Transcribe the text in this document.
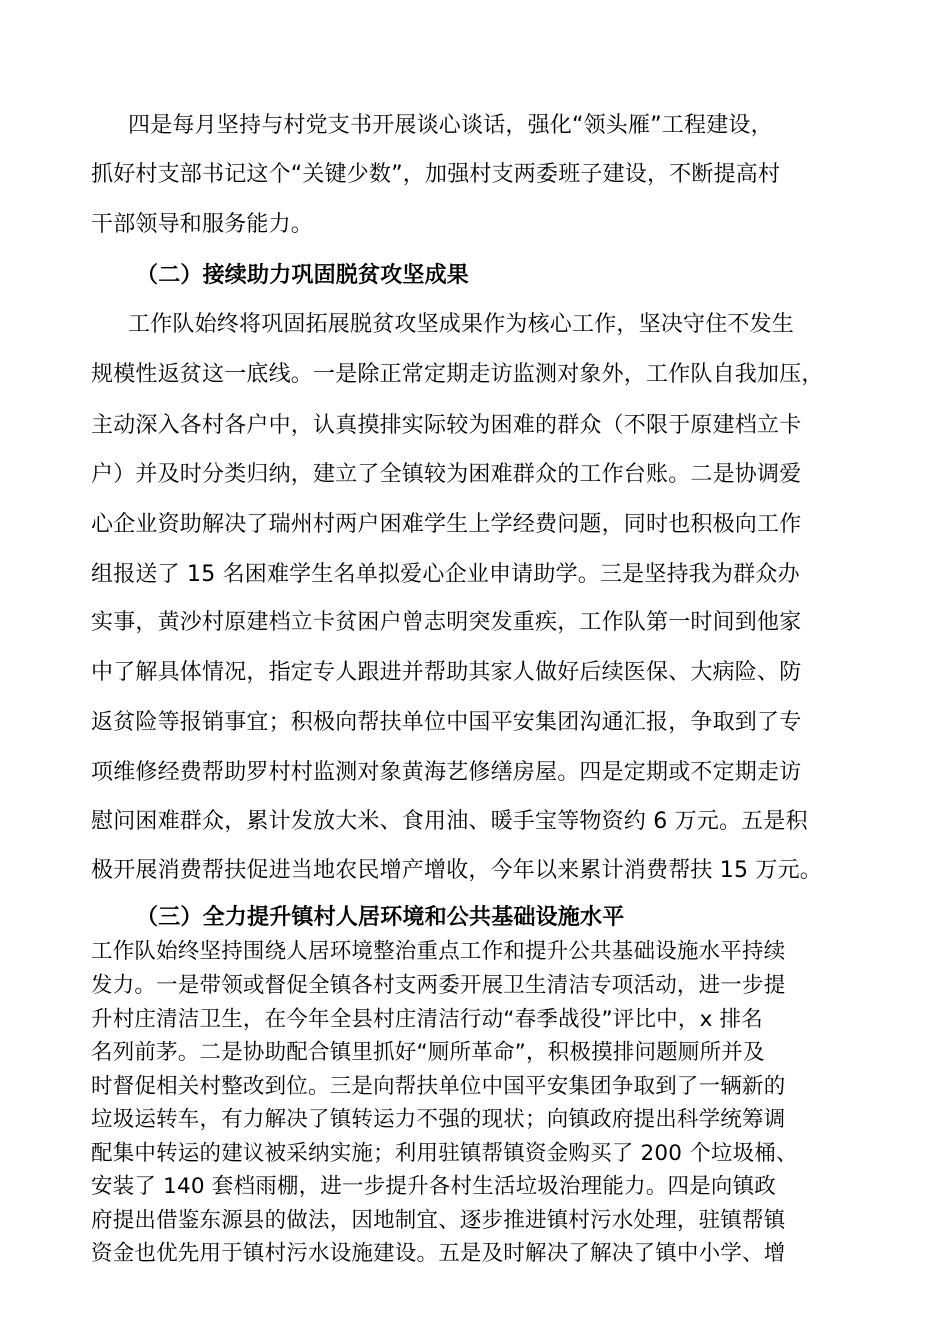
四是每月坚持与村党支书开展谈心谈话，强化“领头雁”工程建设，
抓好村支部书记这个“关键少数”，加强村支两委班子建设，不断提高村
干部领导和服务能力。
（二）接续助力巩固脱贫攻坚成果
工作队始终将巩固拓展脱贫攻坚成果作为核心工作，坚决守住不发生
规模性返贫这一底线。一是除正常定期走访监测对象外，工作队自我加压，
主动深入各村各户中，认真摸排实际较为困难的群众（不限于原建档立卡
户）并及时分类归纳，建立了全镇较为困难群众的工作台账。二是协调爱
心企业资助解决了瑞州村两户困难学生上学经费问题，同时也积极向工作
组报送了 15 名困难学生名单拟爱心企业申请助学。三是坚持我为群众办
实事，黄沙村原建档立卡贫困户曾志明突发重疾，工作队第一时间到他家
中了解具体情况，指定专人跟进并帮助其家人做好后续医保、大病险、防
返贫险等报销事宜；积极向帮扶单位中国平安集团沟通汇报，争取到了专
项维修经费帮助罗村村监测对象黄海艺修缮房屋。四是定期或不定期走访
慰问困难群众，累计发放大米、食用油、暖手宝等物资约 6 万元。五是积
极开展消费帮扶促进当地农民增产增收，今年以来累计消费帮扶 15 万元。
（三）全力提升镇村人居环境和公共基础设施水平
工作队始终坚持围绕人居环境整治重点工作和提升公共基础设施水平持续
发力。一是带领或督促全镇各村支两委开展卫生清洁专项活动，进一步提
升村庄清洁卫生，在今年全县村庄清洁行动“春季战役”评比中，x 排名
名列前茅。二是协助配合镇里抓好“厕所革命”，积极摸排问题厕所并及
时督促相关村整改到位。三是向帮扶单位中国平安集团争取到了一辆新的
垃圾运转车，有力解决了镇转运力不强的现状；向镇政府提出科学统筹调
配集中转运的建议被采纳实施；利用驻镇帮镇资金购买了 200 个垃圾桶、
安装了 140 套档雨棚，进一步提升各村生活垃圾治理能力。四是向镇政
府提出借鉴东源县的做法，因地制宜、逐步推进镇村污水处理，驻镇帮镇
资金也优先用于镇村污水设施建设。五是及时解决了解决了镇中小学、增
